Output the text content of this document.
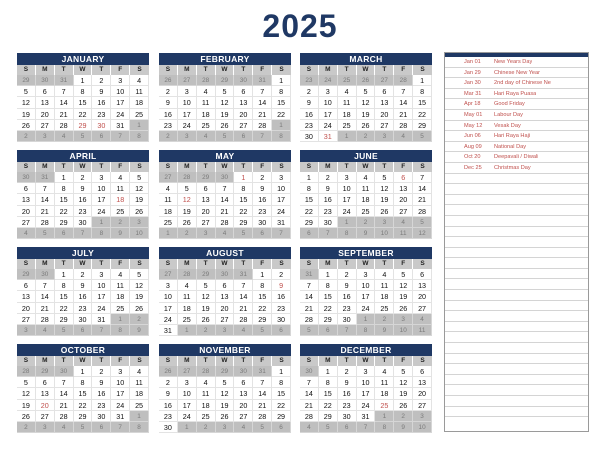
2025
JANUARY
S	M	T	W	T	F	S
29	30	31	1	2	3	4
5	6	7	8	9	10	11
12	13	14	15	16	17	18
19	20	21	22	23	24	25
26	27	28	29	30	31	1
2	3	4	5	6	7	8
FEBRUARY
S	M	T	W	T	F	S
26	27	28	29	30	31	1
2	3	4	5	6	7	8
9	10	11	12	13	14	15
16	17	18	19	20	21	22
23	24	25	26	27	28	1
2	3	4	5	6	7	8
MARCH
S	M	T	W	T	F	S
23	24	25	26	27	28	1
2	3	4	5	6	7	8
9	10	11	12	13	14	15
16	17	18	19	20	21	22
23	24	25	26	27	28	29
30	31	1	2	3	4	5
APRIL
S	M	T	W	T	F	S
30	31	1	2	3	4	5
6	7	8	9	10	11	12
13	14	15	16	17	18	19
20	21	22	23	24	25	26
27	28	29	30	1	2	3
4	5	6	7	8	9	10
MAY
S	M	T	W	T	F	S
27	28	29	30	1	2	3
4	5	6	7	8	9	10
11	12	13	14	15	16	17
18	19	20	21	22	23	24
25	26	27	28	29	30	31
1	2	3	4	5	6	7
JUNE
S	M	T	W	T	F	S
1	2	3	4	5	6	7
8	9	10	11	12	13	14
15	16	17	18	19	20	21
22	23	24	25	26	27	28
29	30	1	2	3	4	5
6	7	8	9	10	11	12
JULY
S	M	T	W	T	F	S
29	30	1	2	3	4	5
6	7	8	9	10	11	12
13	14	15	16	17	18	19
20	21	22	23	24	25	26
27	28	29	30	31	1	2
3	4	5	6	7	8	9
AUGUST
S	M	T	W	T	F	S
27	28	29	30	31	1	2
3	4	5	6	7	8	9
10	11	12	13	14	15	16
17	18	19	20	21	22	23
24	25	26	27	28	29	30
31	1	2	3	4	5	6
SEPTEMBER
S	M	T	W	T	F	S
31	1	2	3	4	5	6
7	8	9	10	11	12	13
14	15	16	17	18	19	20
21	22	23	24	25	26	27
28	29	30	1	2	3	4
5	6	7	8	9	10	11
OCTOBER
S	M	T	W	T	F	S
28	29	30	1	2	3	4
5	6	7	8	9	10	11
12	13	14	15	16	17	18
19	20	21	22	23	24	25
26	27	28	29	30	31	1
2	3	4	5	6	7	8
NOVEMBER
S	M	T	W	T	F	S
26	27	28	29	30	31	1
2	3	4	5	6	7	8
9	10	11	12	13	14	15
16	17	18	19	20	21	22
23	24	25	26	27	28	29
30	1	2	3	4	5	6
DECEMBER
S	M	T	W	T	F	S
30	1	2	3	4	5	6
7	8	9	10	11	12	13
14	15	16	17	18	19	20
21	22	23	24	25	26	27
28	29	30	31	1	2	3
4	5	6	7	8	9	10
Jan 01	New Years Day
Jan 29	Chinese New Year
Jan 30	2nd day of Chinese Ne
Mar 31	Hari Raya Puasa
Apr 18	Good Friday
May 01	Labour Day
May 12	Vesak Day
Jun 06	Hari Raya Haji
Aug 09	National Day
Oct 20	Deepavali / Diwali
Dec 25	Christmas Day
